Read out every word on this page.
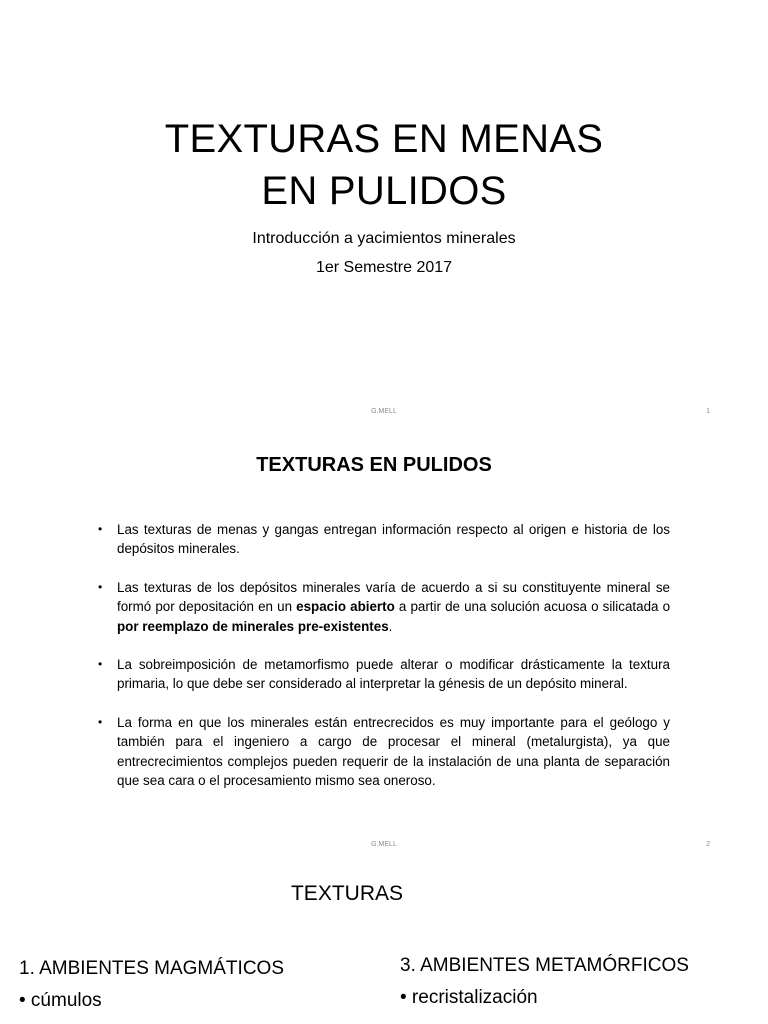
TEXTURAS EN MENAS
EN PULIDOS
Introducción a yacimientos minerales
1er Semestre 2017
G.MELL	1
TEXTURAS EN PULIDOS
• Las texturas de menas y gangas entregan información respecto al origen e historia de los depósitos minerales.
• Las texturas de los depósitos minerales varía de acuerdo a si su constituyente mineral se formó por depositación en un espacio abierto a partir de una solución acuosa o silicatada o por reemplazo de minerales pre-existentes.
• La sobreimposición de metamorfismo puede alterar o modificar drásticamente la textura primaria, lo que debe ser considerado al interpretar la génesis de un depósito mineral.
• La forma en que los minerales están entrecrecidos es muy importante para el geólogo y también para el ingeniero a cargo de procesar el mineral (metalurgista), ya que entrecrecimientos complejos pueden requerir de la instalación de una planta de separación que sea cara o el procesamiento mismo sea oneroso.
G.MELL	2
TEXTURAS
1. AMBIENTES MAGMÁTICOS
• cúmulos
3. AMBIENTES METAMÓRFICOS
• recristalización
